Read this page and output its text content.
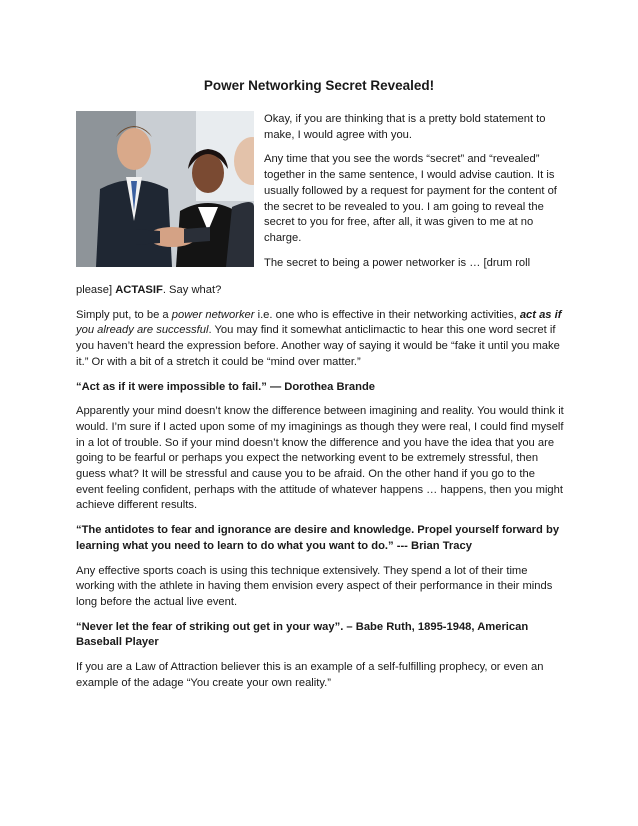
Power Networking Secret Revealed!

Okay, if you are thinking that is a pretty bold statement to make, I would agree with you.

Any time that you see the words “secret” and “revealed” together in the same sentence, I would advise caution. It is usually followed by a request for payment for the content of the secret to be revealed to you. I am going to reveal the secret to you for free, after all, it was given to me at no charge.

The secret to being a power networker is … [drum roll

please] ACTASIF. Say what?

Simply put, to be a power networker i.e. one who is effective in their networking activities, act as if you already are successful. You may find it somewhat anticlimactic to hear this one word secret if you haven’t heard the expression before. Another way of saying it would be “fake it until you make it.” Or with a bit of a stretch it could be “mind over matter.”

“Act as if it were impossible to fail.” — Dorothea Brande

Apparently your mind doesn’t know the difference between imagining and reality. You would think it would. I’m sure if I acted upon some of my imaginings as though they were real, I could find myself in a lot of trouble. So if your mind doesn’t know the difference and you have the idea that you are going to be fearful or perhaps you expect the networking event to be extremely stressful, then guess what? It will be stressful and cause you to be afraid. On the other hand if you go to the event feeling confident, perhaps with the attitude of whatever happens … happens, then you might achieve different results.

“The antidotes to fear and ignorance are desire and knowledge. Propel yourself forward by learning what you need to learn to do what you want to do.” --- Brian Tracy

Any effective sports coach is using this technique extensively. They spend a lot of their time working with the athlete in having them envision every aspect of their performance in their minds long before the actual live event.

“Never let the fear of striking out get in your way”. – Babe Ruth, 1895-1948, American Baseball Player

If you are a Law of Attraction believer this is an example of a self-fulfilling prophecy, or even an example of the adage “You create your own reality.”
